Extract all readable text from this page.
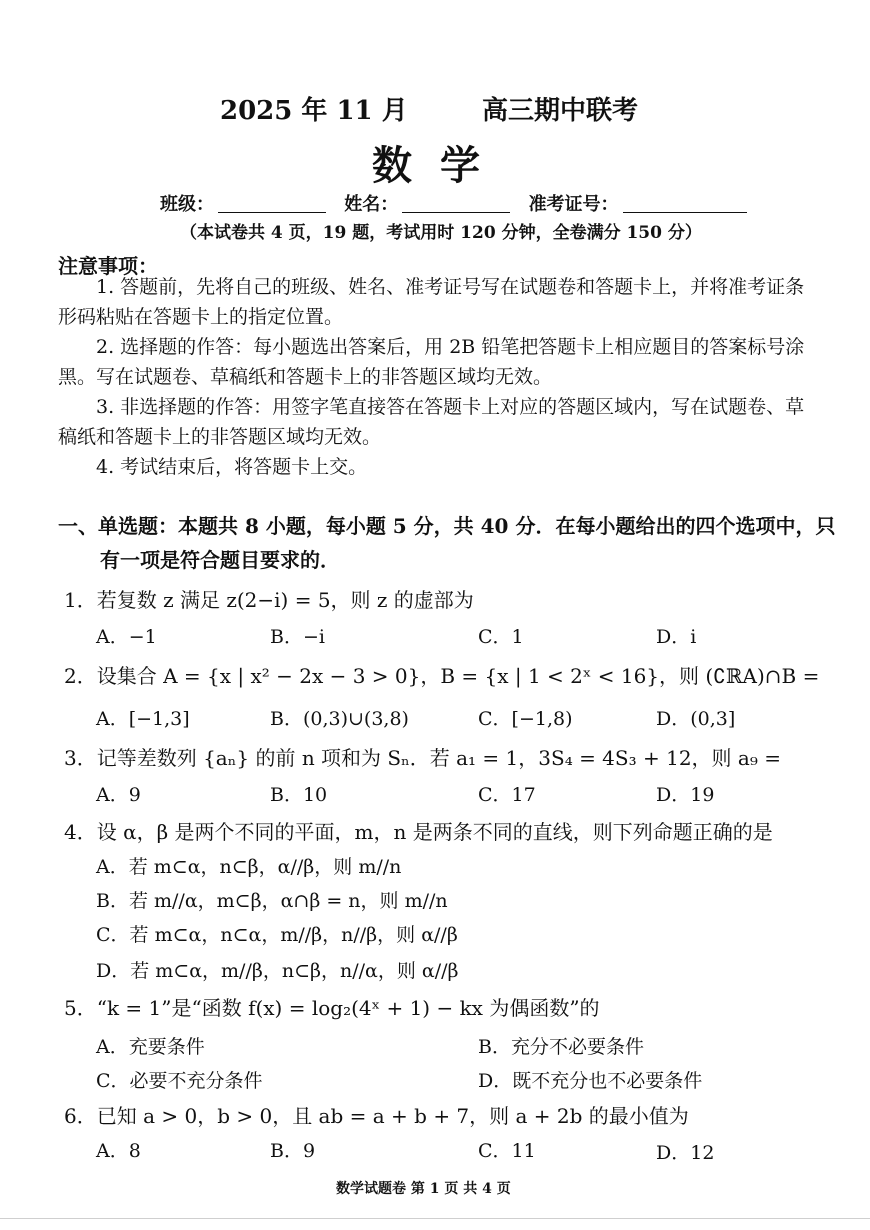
2025 年 11 月	高三期中联考
数学
班级：	姓名：	准考证号：
（本试卷共 4 页，19 题，考试用时 120 分钟，全卷满分 150 分）
注意事项：

1. 答题前，先将自己的班级、姓名、准考证号写在试题卷和答题卡上，并将准考证条形码粘贴在答题卡上的指定位置。

2. 选择题的作答：每小题选出答案后，用 2B 铅笔把答题卡上相应题目的答案标号涂黑。写在试题卷、草稿纸和答题卡上的非答题区域均无效。

3. 非选择题的作答：用签字笔直接答在答题卡上对应的答题区域内，写在试题卷、草稿纸和答题卡上的非答题区域均无效。

4. 考试结束后，将答题卡上交。

一、单选题：本题共 8 小题，每小题 5 分，共 40 分．在每小题给出的四个选项中，只
有一项是符合题目要求的．
1．若复数 z 满足 z(2−i) = 5，则 z 的虚部为
A．−1	B．−i	C．1	D．i
2．设集合 A = {x | x² − 2x − 3 > 0}，B = {x | 1 < 2ˣ < 16}，则 (∁ℝA)∩B =
A．[−1,3]	B．(0,3)∪(3,8)	C．[−1,8)	D．(0,3]
3．记等差数列 {aₙ} 的前 n 项和为 Sₙ．若 a₁ = 1，3S₄ = 4S₃ + 12，则 a₉ =
A．9	B．10	C．17	D．19
4．设 α，β 是两个不同的平面，m，n 是两条不同的直线，则下列命题正确的是
A．若 m⊂α，n⊂β，α//β，则 m//n
B．若 m//α，m⊂β，α∩β = n，则 m//n
C．若 m⊂α，n⊂α，m//β，n//β，则 α//β
D．若 m⊂α，m//β，n⊂β，n//α，则 α//β
5．“k = 1”是“函数 f(x) = log₂(4ˣ + 1) − kx 为偶函数”的
A．充要条件	B．充分不必要条件
C．必要不充分条件	D．既不充分也不必要条件
6．已知 a > 0，b > 0，且 ab = a + b + 7，则 a + 2b 的最小值为
A．8	B．9	C．11	D．12
数学试题卷 第 1 页 共 4 页
